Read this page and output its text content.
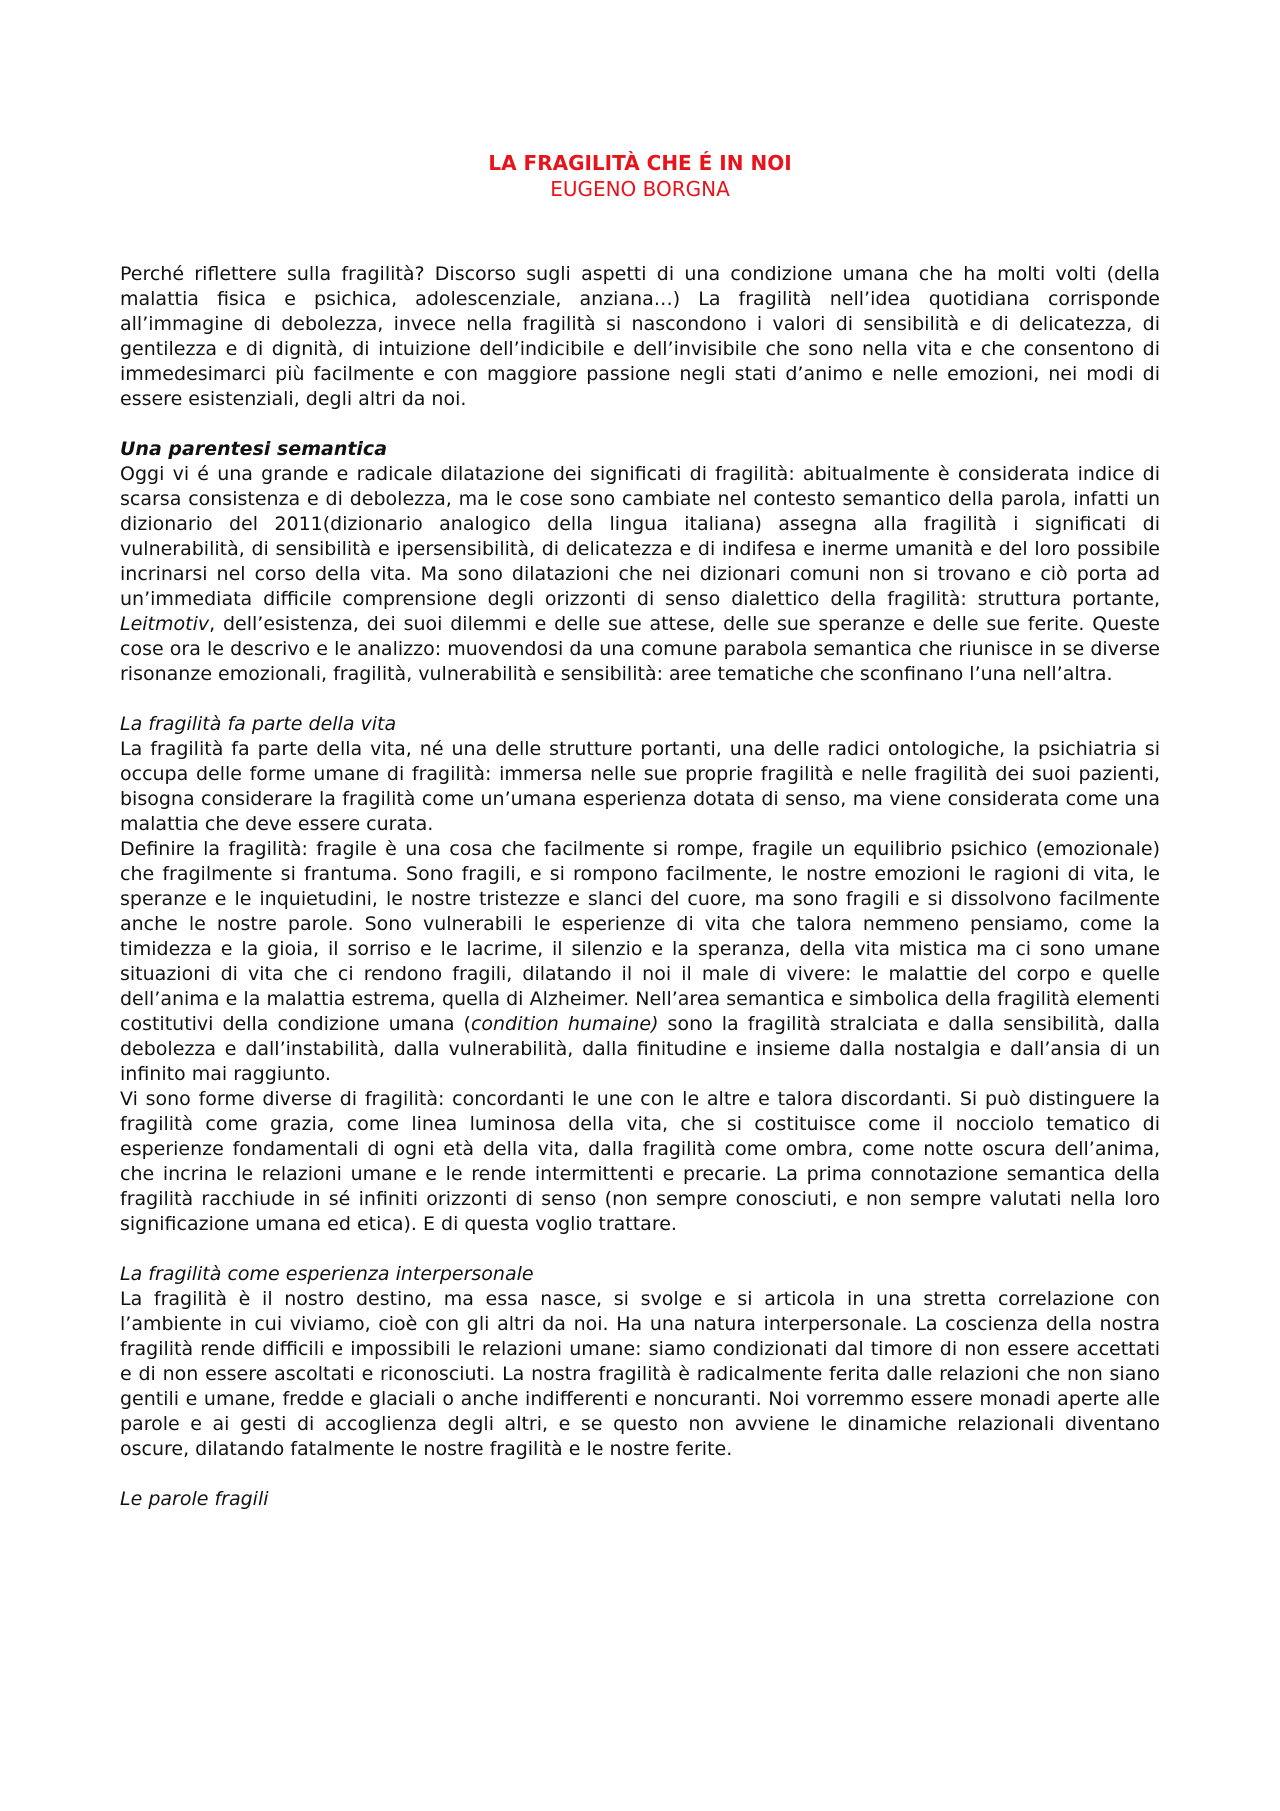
LA FRAGILITÀ CHE É IN NOI
EUGENO BORGNA

Perché riflettere sulla fragilità? Discorso sugli aspetti di una condizione umana che ha molti volti (della malattia fisica e psichica, adolescenziale, anziana…) La fragilità nell’idea quotidiana corrisponde all’immagine di debolezza, invece nella fragilità si nascondono i valori di sensibilità e di delicatezza, di gentilezza e di dignità, di intuizione dell’indicibile e dell’invisibile che sono nella vita e che consentono di immedesimarci più facilmente e con maggiore passione negli stati d’animo e nelle emozioni, nei modi di essere esistenziali, degli altri da noi.

Una parentesi semantica

Oggi vi é una grande e radicale dilatazione dei significati di fragilità: abitualmente è considerata indice di scarsa consistenza e di debolezza, ma le cose sono cambiate nel contesto semantico della parola, infatti un dizionario del 2011(dizionario analogico della lingua italiana) assegna alla fragilità i significati di vulnerabilità, di sensibilità e ipersensibilità, di delicatezza e di indifesa e inerme umanità e del loro possibile incrinarsi nel corso della vita. Ma sono dilatazioni che nei dizionari comuni non si trovano e ciò porta ad un’immediata difficile comprensione degli orizzonti di senso dialettico della fragilità: struttura portante, Leitmotiv, dell’esistenza, dei suoi dilemmi e delle sue attese, delle sue speranze e delle sue ferite. Queste cose ora le descrivo e le analizzo: muovendosi da una comune parabola semantica che riunisce in se diverse risonanze emozionali, fragilità, vulnerabilità e sensibilità: aree tematiche che sconfinano l’una nell’altra.

La fragilità fa parte della vita

La fragilità fa parte della vita, né una delle strutture portanti, una delle radici ontologiche, la psichiatria si occupa delle forme umane di fragilità: immersa nelle sue proprie fragilità e nelle fragilità dei suoi pazienti, bisogna considerare la fragilità come un’umana esperienza dotata di senso, ma viene considerata come una malattia che deve essere curata.

Definire la fragilità: fragile è una cosa che facilmente si rompe, fragile un equilibrio psichico (emozionale) che fragilmente si frantuma. Sono fragili, e si rompono facilmente, le nostre emozioni le ragioni di vita, le speranze e le inquietudini, le nostre tristezze e slanci del cuore, ma sono fragili e si dissolvono facilmente anche le nostre parole. Sono vulnerabili le esperienze di vita che talora nemmeno pensiamo, come la timidezza e la gioia, il sorriso e le lacrime, il silenzio e la speranza, della vita mistica ma ci sono umane situazioni di vita che ci rendono fragili, dilatando il noi il male di vivere: le malattie del corpo e quelle dell’anima e la malattia estrema, quella di Alzheimer. Nell’area semantica e simbolica della fragilità elementi costitutivi della condizione umana (condition humaine) sono la fragilità stralciata e dalla sensibilità, dalla debolezza e dall’instabilità, dalla vulnerabilità, dalla finitudine e insieme dalla nostalgia e dall’ansia di un infinito mai raggiunto.

Vi sono forme diverse di fragilità: concordanti le une con le altre e talora discordanti. Si può distinguere la fragilità come grazia, come linea luminosa della vita, che si costituisce come il nocciolo tematico di esperienze fondamentali di ogni età della vita, dalla fragilità come ombra, come notte oscura dell’anima, che incrina le relazioni umane e le rende intermittenti e precarie. La prima connotazione semantica della fragilità racchiude in sé infiniti orizzonti di senso (non sempre conosciuti, e non sempre valutati nella loro significazione umana ed etica). E di questa voglio trattare.

La fragilità come esperienza interpersonale

La fragilità è il nostro destino, ma essa nasce, si svolge e si articola in una stretta correlazione con l’ambiente in cui viviamo, cioè con gli altri da noi. Ha una natura interpersonale. La coscienza della nostra fragilità rende difficili e impossibili le relazioni umane: siamo condizionati dal timore di non essere accettati e di non essere ascoltati e riconosciuti. La nostra fragilità è radicalmente ferita dalle relazioni che non siano gentili e umane, fredde e glaciali o anche indifferenti e noncuranti. Noi vorremmo essere monadi aperte alle parole e ai gesti di accoglienza degli altri, e se questo non avviene le dinamiche relazionali diventano oscure, dilatando fatalmente le nostre fragilità e le nostre ferite.

Le parole fragili
